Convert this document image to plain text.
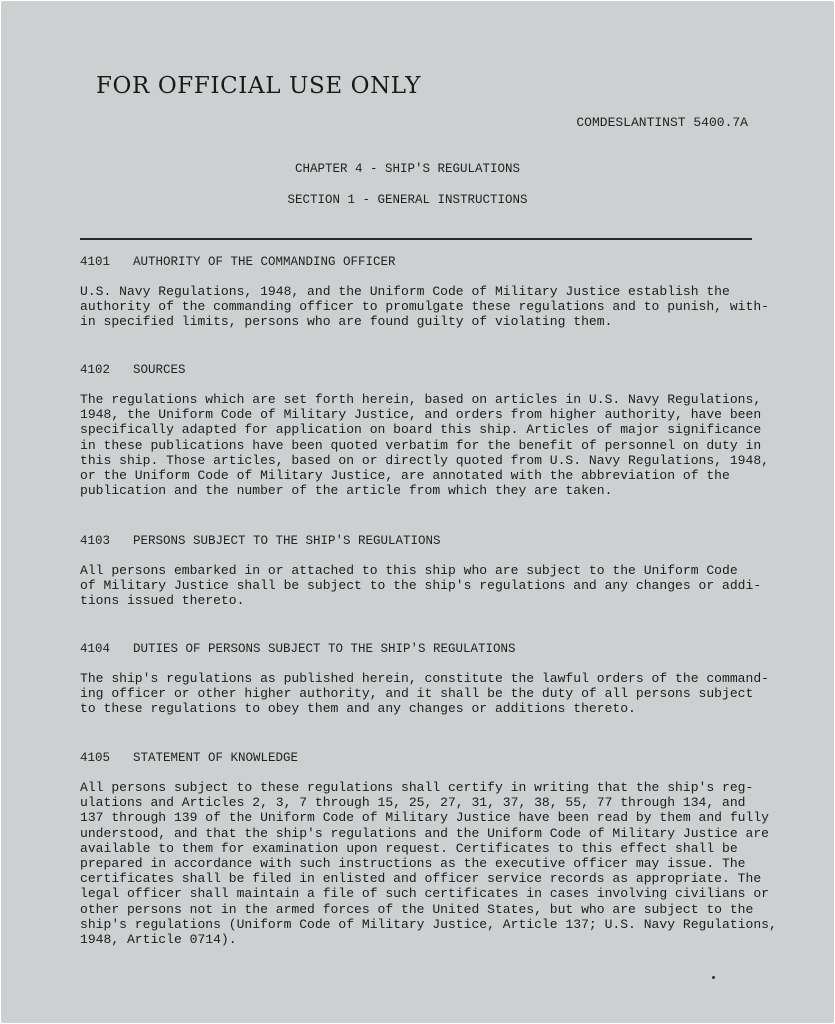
FOR OFFICIAL USE ONLY
COMDESLANTINST 5400.7A
CHAPTER 4 - SHIP'S REGULATIONS
SECTION 1 - GENERAL INSTRUCTIONS
4101 AUTHORITY OF THE COMMANDING OFFICER
U.S. Navy Regulations, 1948, and the Uniform Code of Military Justice establish the
authority of the commanding officer to promulgate these regulations and to punish, with-
in specified limits, persons who are found guilty of violating them.
4102 SOURCES
The regulations which are set forth herein, based on articles in U.S. Navy Regulations,
1948, the Uniform Code of Military Justice, and orders from higher authority, have been
specifically adapted for application on board this ship. Articles of major significance
in these publications have been quoted verbatim for the benefit of personnel on duty in
this ship. Those articles, based on or directly quoted from U.S. Navy Regulations, 1948,
or the Uniform Code of Military Justice, are annotated with the abbreviation of the
publication and the number of the article from which they are taken.
4103 PERSONS SUBJECT TO THE SHIP'S REGULATIONS
All persons embarked in or attached to this ship who are subject to the Uniform Code
of Military Justice shall be subject to the ship's regulations and any changes or addi-
tions issued thereto.
4104 DUTIES OF PERSONS SUBJECT TO THE SHIP'S REGULATIONS
The ship's regulations as published herein, constitute the lawful orders of the command-
ing officer or other higher authority, and it shall be the duty of all persons subject
to these regulations to obey them and any changes or additions thereto.
4105 STATEMENT OF KNOWLEDGE
All persons subject to these regulations shall certify in writing that the ship's reg-
ulations and Articles 2, 3, 7 through 15, 25, 27, 31, 37, 38, 55, 77 through 134, and
137 through 139 of the Uniform Code of Military Justice have been read by them and fully
understood, and that the ship's regulations and the Uniform Code of Military Justice are
available to them for examination upon request. Certificates to this effect shall be
prepared in accordance with such instructions as the executive officer may issue. The
certificates shall be filed in enlisted and officer service records as appropriate. The
legal officer shall maintain a file of such certificates in cases involving civilians or
other persons not in the armed forces of the United States, but who are subject to the
ship's regulations (Uniform Code of Military Justice, Article 137; U.S. Navy Regulations,
1948, Article 0714).
